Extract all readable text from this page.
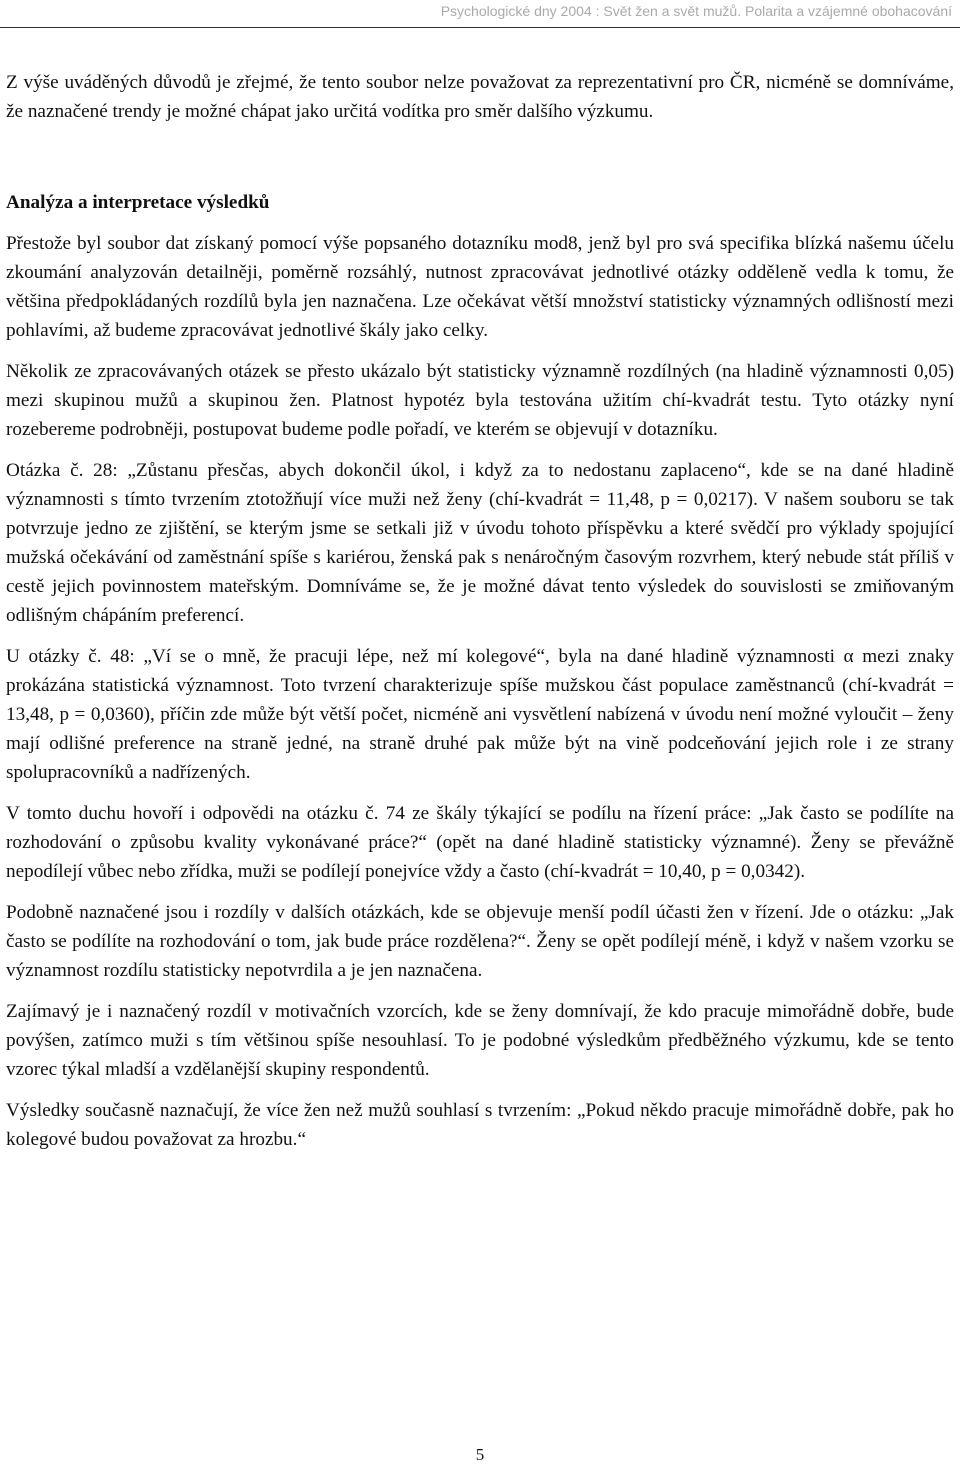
Psychologické dny 2004 : Svět žen a svět mužů. Polarita a vzájemné obohacování

Z výše uváděných důvodů je zřejmé, že tento soubor nelze považovat za reprezentativní pro ČR, nicméně se domníváme, že naznačené trendy je možné chápat jako určitá vodítka pro směr dalšího výzkumu.

Analýza a interpretace výsledků

Přestože byl soubor dat získaný pomocí výše popsaného dotazníku mod8, jenž byl pro svá specifika blízká našemu účelu zkoumání analyzován detailněji, poměrně rozsáhlý, nutnost zpracovávat jednotlivé otázky odděleně vedla k tomu, že většina předpokládaných rozdílů byla jen naznačena. Lze očekávat větší množství statisticky významných odlišností mezi pohlavími, až budeme zpracovávat jednotlivé škály jako celky.

Několik ze zpracovávaných otázek se přesto ukázalo být statisticky významně rozdílných (na hladině významnosti 0,05) mezi skupinou mužů a skupinou žen. Platnost hypotéz byla testována užitím chí-kvadrát testu. Tyto otázky nyní rozebereme podrobněji, postupovat budeme podle pořadí, ve kterém se objevují v dotazníku.

Otázka č. 28: „Zůstanu přesčas, abych dokončil úkol, i když za to nedostanu zaplaceno“, kde se na dané hladině významnosti s tímto tvrzením ztotožňují více muži než ženy (chí-kvadrát = 11,48, p = 0,0217). V našem souboru se tak potvrzuje jedno ze zjištění, se kterým jsme se setkali již v úvodu tohoto příspěvku a které svědčí pro výklady spojující mužská očekávání od zaměstnání spíše s kariérou, ženská pak s nenáročným časovým rozvrhem, který nebude stát příliš v cestě jejich povinnostem mateřským. Domníváme se, že je možné dávat tento výsledek do souvislosti se zmiňovaným odlišným chápáním preferencí.

U otázky č. 48: „Ví se o mně, že pracuji lépe, než mí kolegové“, byla na dané hladině významnosti α mezi znaky prokázána statistická významnost. Toto tvrzení charakterizuje spíše mužskou část populace zaměstnanců (chí-kvadrát = 13,48, p = 0,0360), příčin zde může být větší počet, nicméně ani vysvětlení nabízená v úvodu není možné vyloučit – ženy mají odlišné preference na straně jedné, na straně druhé pak může být na vině podceňování jejich role i ze strany spolupracovníků a nadřízených.

V tomto duchu hovoří i odpovědi na otázku č. 74 ze škály týkající se podílu na řízení práce: „Jak často se podílíte na rozhodování o způsobu kvality vykonávané práce?“ (opět na dané hladině statisticky významné). Ženy se převážně nepodílejí vůbec nebo zřídka, muži se podílejí ponejvíce vždy a často (chí-kvadrát = 10,40, p = 0,0342).

Podobně naznačené jsou i rozdíly v dalších otázkách, kde se objevuje menší podíl účasti žen v řízení. Jde o otázku: „Jak často se podílíte na rozhodování o tom, jak bude práce rozdělena?“. Ženy se opět podílejí méně, i když v našem vzorku se významnost rozdílu statisticky nepotvrdila a je jen naznačena.

Zajímavý je i naznačený rozdíl v motivačních vzorcích, kde se ženy domnívají, že kdo pracuje mimořádně dobře, bude povýšen, zatímco muži s tím většinou spíše nesouhlasí. To je podobné výsledkům předběžného výzkumu, kde se tento vzorec týkal mladší a vzdělanější skupiny respondentů.

Výsledky současně naznačují, že více žen než mužů souhlasí s tvrzením: „Pokud někdo pracuje mimořádně dobře, pak ho kolegové budou považovat za hrozbu.“

5
